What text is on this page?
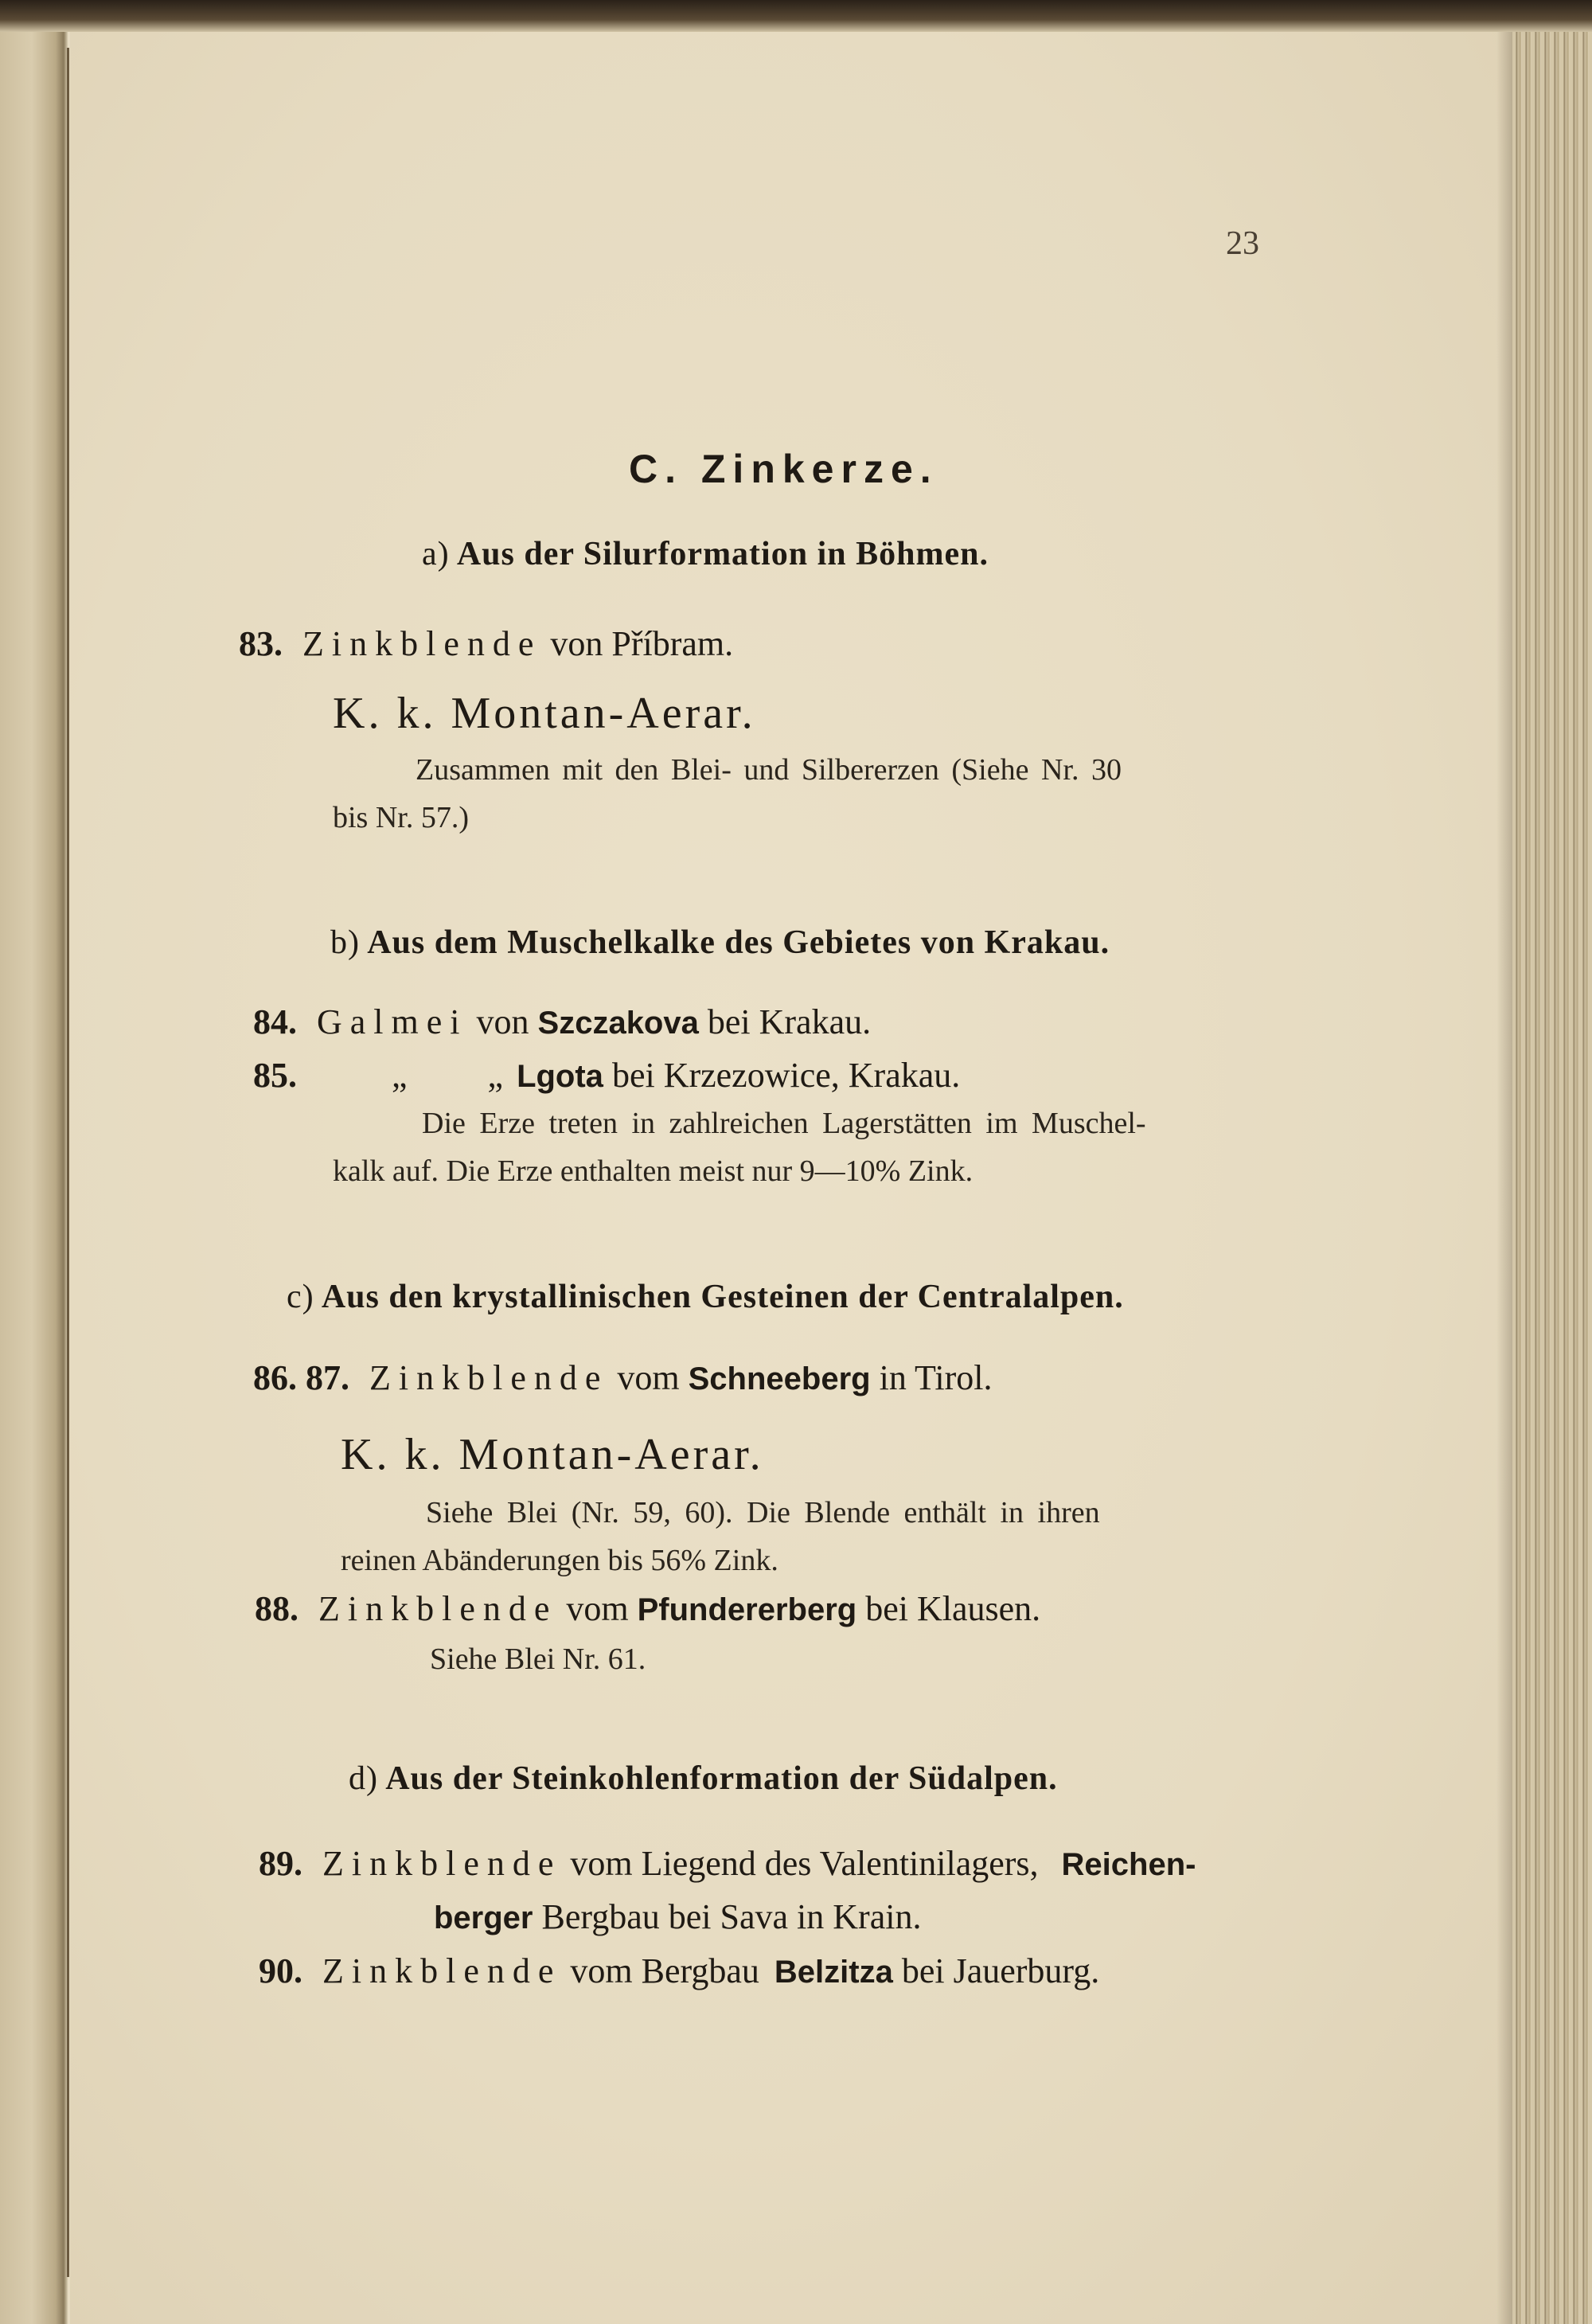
23
C. Zinkerze.
a) Aus der Silurformation in Böhmen.
83. Zinkblende von Příbram.
K. k. Montan-Aerar.
Zusammen mit den Blei- und Silbererzen (Siehe Nr. 30
bis Nr. 57.)
b) Aus dem Muschelkalke des Gebietes von Krakau.
84. Galmei von Szczakova bei Krakau.
85.	„ „ Lgota bei Krzezowice, Krakau.
Die Erze treten in zahlreichen Lagerstätten im Muschel-
kalk auf. Die Erze enthalten meist nur 9—10% Zink.
c) Aus den krystallinischen Gesteinen der Centralalpen.
86. 87. Zinkblende vom Schneeberg in Tirol.
K. k. Montan-Aerar.
Siehe Blei (Nr. 59, 60). Die Blende enthält in ihren
reinen Abänderungen bis 56% Zink.
88. Zinkblende vom Pfundererberg bei Klausen.
Siehe Blei Nr. 61.
d) Aus der Steinkohlenformation der Südalpen.
89. Zinkblende vom Liegend des Valentinilagers, Reichen-
berger Bergbau bei Sava in Krain.
90. Zinkblende vom Bergbau Belzitza bei Jauerburg.
